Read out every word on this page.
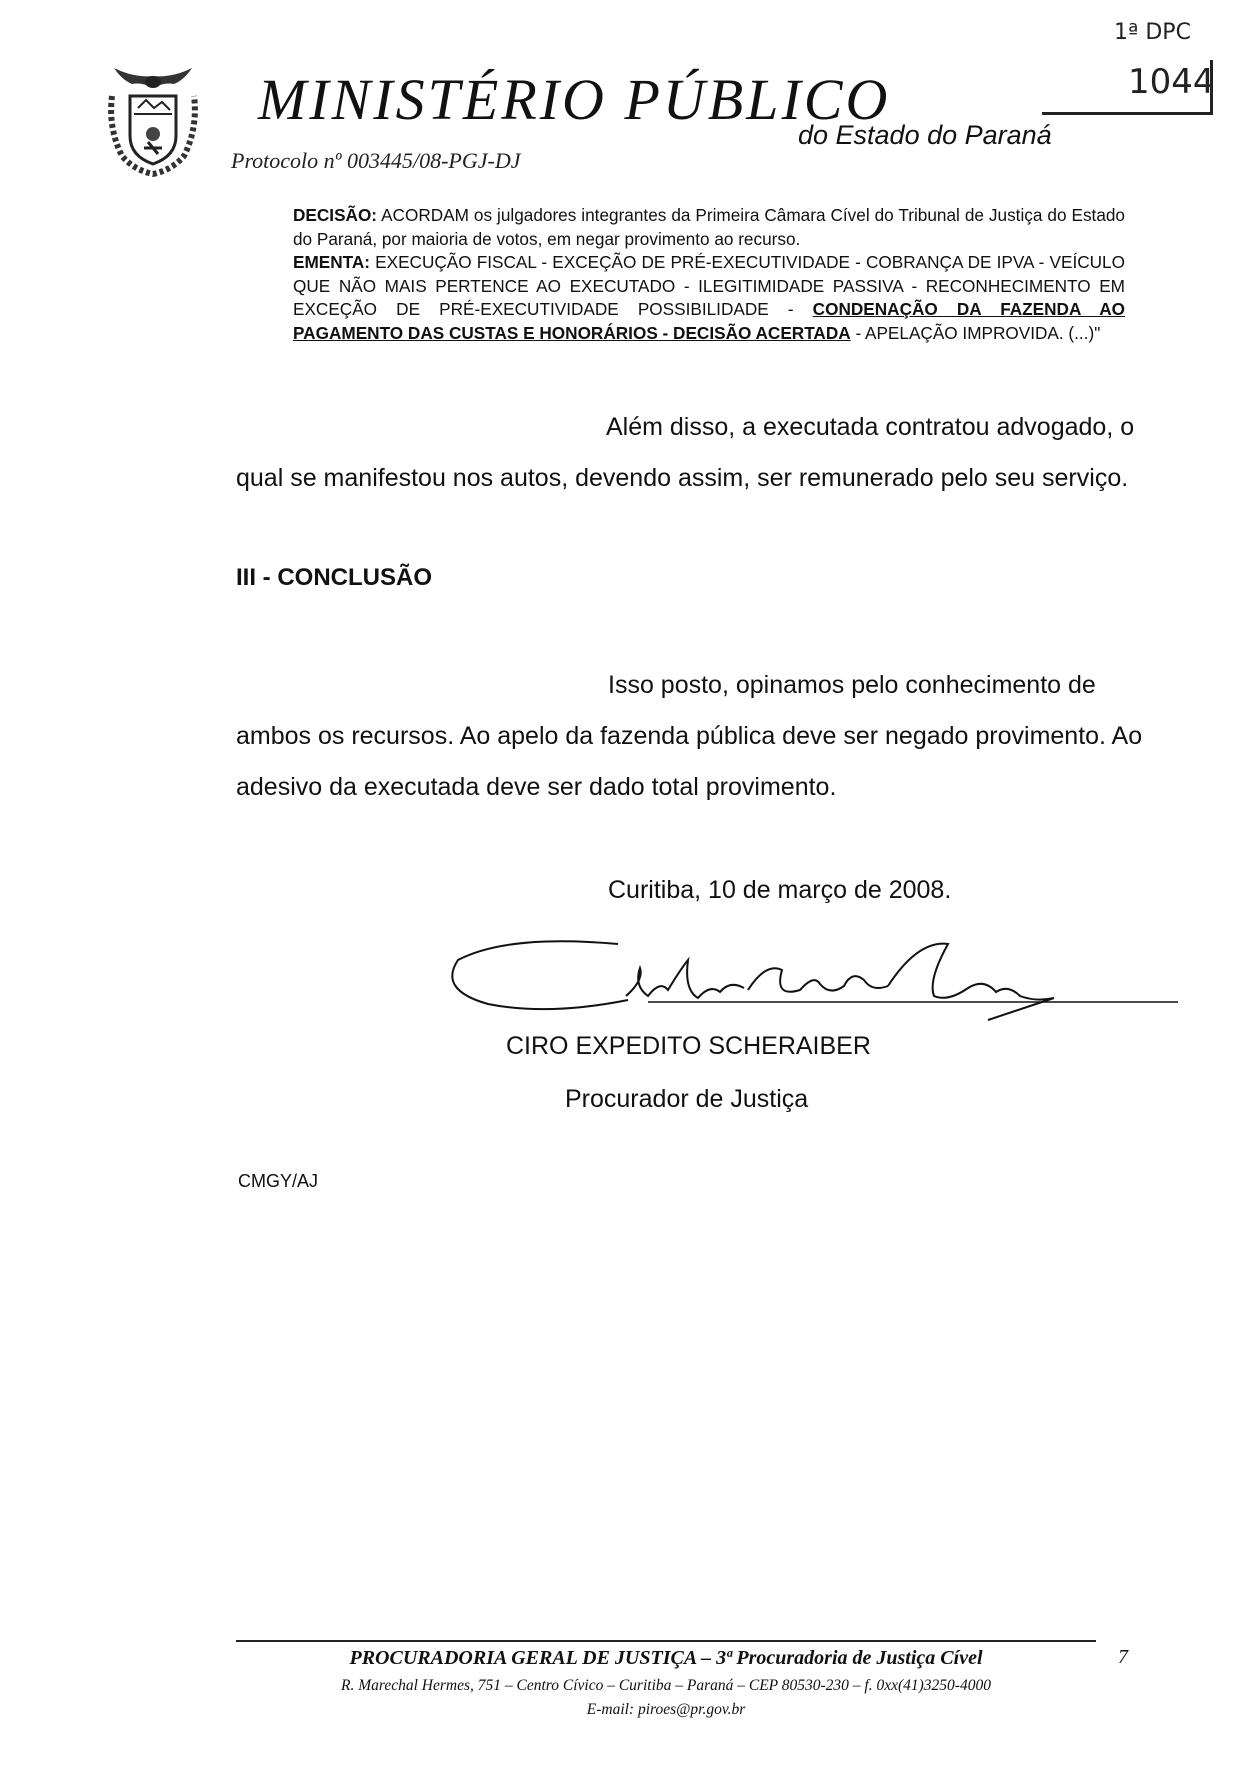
MINISTÉRIO PÚBLICO
do Estado do Paraná
Protocolo nº 003445/08-PGJ-DJ
1ª DPC
1044

DECISÃO: ACORDAM os julgadores integrantes da Primeira Câmara Cível do Tribunal de Justiça do Estado do Paraná, por maioria de votos, em negar provimento ao recurso.

EMENTA: EXECUÇÃO FISCAL - EXCEÇÃO DE PRÉ-EXECUTIVIDADE - COBRANÇA DE IPVA - VEÍCULO QUE NÃO MAIS PERTENCE AO EXECUTADO - ILEGITIMIDADE PASSIVA - RECONHECIMENTO EM EXCEÇÃO DE PRÉ-EXECUTIVIDADE POSSIBILIDADE - CONDENAÇÃO DA FAZENDA AO PAGAMENTO DAS CUSTAS E HONORÁRIOS - DECISÃO ACERTADA - APELAÇÃO IMPROVIDA. (...)"

Além disso, a executada contratou advogado, o
qual se manifestou nos autos, devendo assim, ser remunerado pelo seu serviço.
III - CONCLUSÃO
Isso posto, opinamos pelo conhecimento de
ambos os recursos. Ao apelo da fazenda pública deve ser negado provimento. Ao
adesivo da executada deve ser dado total provimento.
Curitiba, 10 de março de 2008.
CIRO EXPEDITO SCHERAIBER
Procurador de Justiça
CMGY/AJ
PROCURADORIA GERAL DE JUSTIÇA – 3ª Procuradoria de Justiça Cível
R. Marechal Hermes, 751 – Centro Cívico – Curitiba – Paraná – CEP 80530-230 – f. 0xx(41)3250-4000
E-mail: piroes@pr.gov.br
7
